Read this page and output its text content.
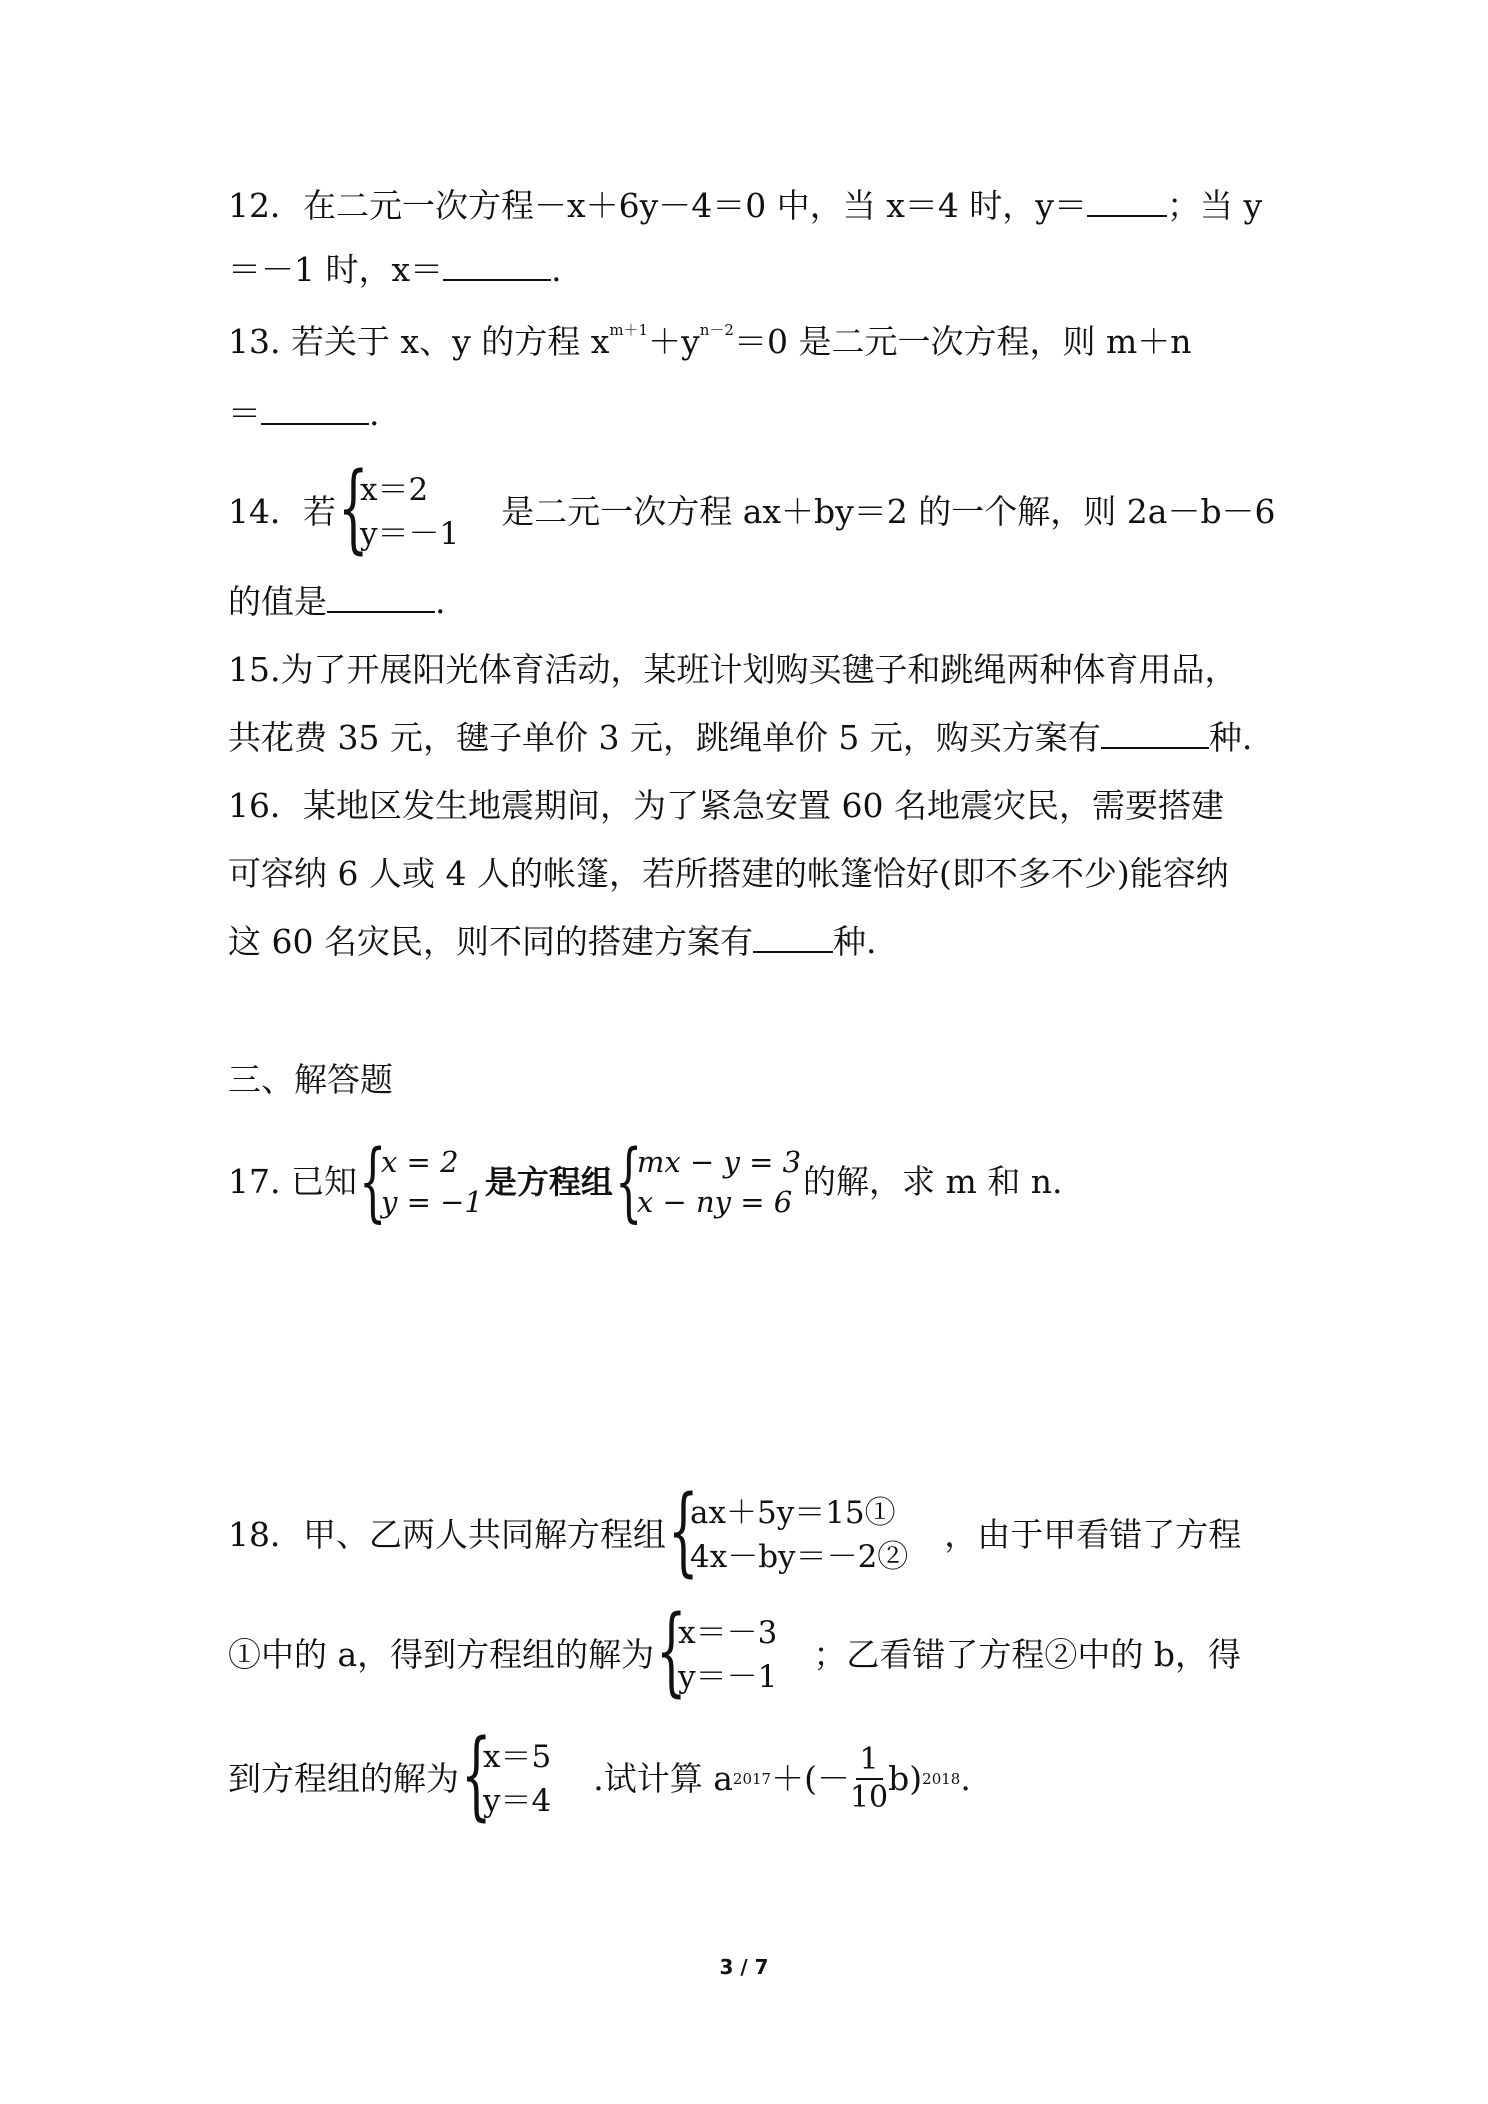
12．在二元一次方程－x＋6y－4＝0 中，当 x＝4 时，y＝ ；当 y
＝－1 时，x＝	.
13. 若关于 x、y 的方程 $x^{m+1}+y^{n-2}=0$ 是二元一次方程，则 m＋n
＝	.
14．若 {
x＝2
y＝－1
是二元一次方程 ax＋by＝2 的一个解，则 2a－b－6
的值是	.
15.为了开展阳光体育活动，某班计划购买毽子和跳绳两种体育用品，
共花费 35 元，毽子单价 3 元，跳绳单价 5 元，购买方案有	种.
16．某地区发生地震期间，为了紧急安置 60 名地震灾民，需要搭建
可容纳 6 人或 4 人的帐篷，若所搭建的帐篷恰好(即不多不少)能容纳
这 60 名灾民，则不同的搭建方案有 种.
三、解答题
17. 已知 {
x = 2
y = −1
是方程组 {
mx − y = 3
x − ny = 6
的解，求 m 和 n.
18．甲、乙两人共同解方程组 {
ax＋5y＝15①
4x－by＝－2②
，由于甲看错了方程
①中的 a，得到方程组的解为 {
x＝－3
y＝－1
；乙看错了方程②中的 b，得
到方程组的解为 {
x＝5
y＝4
.试计算 a 2017 ＋(－ $\frac{1}{10} b$) 2018 .
3 / 7
